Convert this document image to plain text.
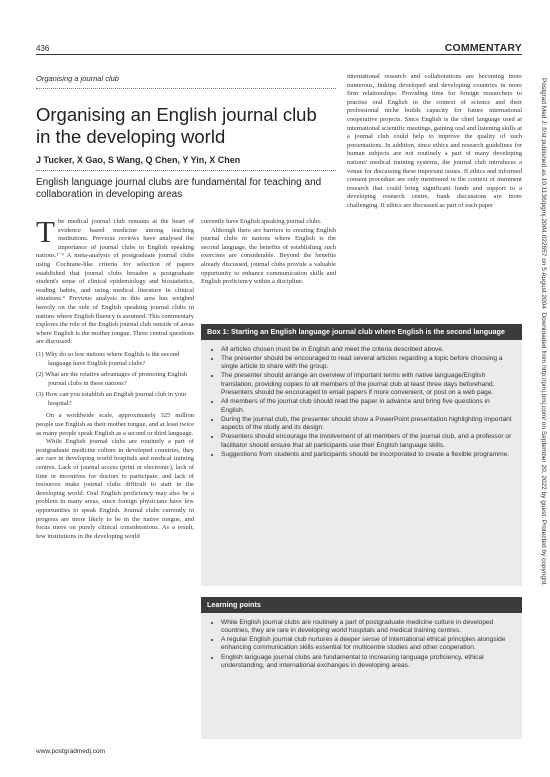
436	COMMENTARY
Organising a journal club
Organising an English journal club in the developing world
J Tucker, X Gao, S Wang, Q Chen, Y Yin, X Chen
English language journal clubs are fundamental for teaching and collaboration in developing areas

The medical journal club remains at the heart of evidence based medicine among teaching institutions. Previous reviews have analysed the importance of journal clubs in English speaking nations.¹⁻³ A meta-analysis of postgraduate journal clubs using Cochrane-like criteria for selection of papers established that journal clubs broaden a postgraduate student's sense of clinical epidemiology and biostatistics, reading habits, and using medical literature in clinical situations.⁴ Previous analysis in this area has weighed heavily on the side of English speaking journal clubs in nations where English fluency is assumed. This commentary explores the role of the English journal club outside of areas where English is the mother tongue. Three central questions are discussed:

(1) Why do so few nations where English is the second language have English journal clubs?
(2) What are the relative advantages of promoting English journal clubs in these nations?
(3) How can you establish an English journal club in your hospital?

On a worldwide scale, approximately 325 million people use English as their mother tongue, and at least twice as many people speak English as a second or third language.

While English journal clubs are routinely a part of postgraduate medicine culture in developed countries, they are rare in developing world hospitals and medical training centres. Lack of journal access (print or electronic), lack of time or incentives for doctors to participate, and lack of resources make journal clubs difficult to start in the developing world. Oral English proficiency may also be a problem in many areas, since foreign physicians have few opportunities to speak English. Journal clubs currently in progress are more likely to be in the native tongue, and focus more on purely clinical considerations. As a result, few institutions in the developing world

currently have English speaking journal clubs.

Although there are barriers to creating English journal clubs in nations where English is the second language, the benefits of establishing such exercises are considerable. Beyond the benefits already discussed, journal clubs provide a valuable opportunity to enhance communication skills and English proficiency within a discipline.

international research and collaborations are becoming more numerous, linking developed and developing countries in more firm relationships. Providing time for foreign researchers to practise oral English in the context of science and their professional niche builds capacity for future international cooperative projects. Since English is the chief language used at international scientific meetings, gaining oral and listening skills at a journal club could help to improve the quality of such presentations. In addition, since ethics and research guidelines for human subjects are not routinely a part of many developing nations' medical training systems, the journal club introduces a venue for discussing these important issues. If ethics and informed consent procedure are only mentioned in the context of imminent research that could bring significant funds and support to a developing research centre, frank discussions are more challenging. If ethics are discussed as part of each paper

Box 1: Starting an English language journal club where English is the second language
• All articles chosen must be in English and meet the criteria described above.
• The presenter should be encouraged to read several articles regarding a topic before choosing a single article to share with the group.
• The presenter should arrange an overview of important terms with native language/English translation, providing copies to all members of the journal club at least three days beforehand. Presenters should be encouraged to email papers if more convenient, or post on a web page.
• All members of the journal club should read the paper in advance and bring five questions in English.
• During the journal club, the presenter should show a PowerPoint presentation highlighting important aspects of the study and its design.
• Presenters should encourage the involvement of all members of the journal club, and a professor or facilitator should ensure that all participants use their English language skills.
• Suggestions from students and participants should be incorporated to create a flexible programme.
Learning points
• While English journal clubs are routinely a part of postgraduate medicine culture in developed countries, they are rare in developing world hospitals and medical training centres.
• A regular English journal club nurtures a deeper sense of international ethical principles alongside enhancing communication skills essential for multicentre studies and other cooperation.
• English language journal clubs are fundamental to increasing language proficiency, ethical understanding, and international exchanges in developing areas.
Postgrad Med J: first published as 10.1136/pgmj.2004.022657 on 5 August 2004. Downloaded from http://pmj.bmj.com/ on September 20, 2022 by guest. Protected by copyright.
www.postgradmedj.com
